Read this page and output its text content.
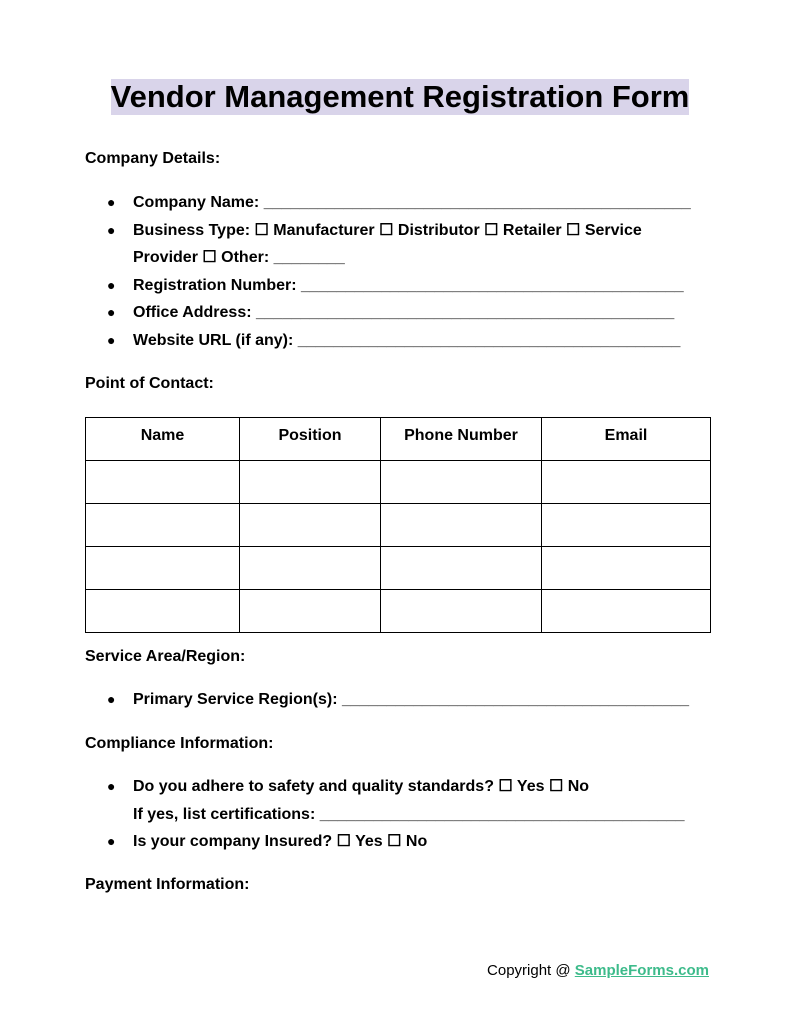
Vendor Management Registration Form
Company Details:
● Company Name: ________________________________________________
● Business Type: ☐ Manufacturer ☐ Distributor ☐ Retailer ☐ Service
Provider ☐ Other: ________
● Registration Number: ___________________________________________
● Office Address: _______________________________________________
● Website URL (if any): ___________________________________________
Point of Contact:
Name	Position	Phone Number	Email

Service Area/Region:
● Primary Service Region(s): _______________________________________
Compliance Information:
● Do you adhere to safety and quality standards? ☐ Yes ☐ No
If yes, list certifications: _________________________________________
● Is your company Insured? ☐ Yes ☐ No
Payment Information:
Copyright @ SampleForms.com
